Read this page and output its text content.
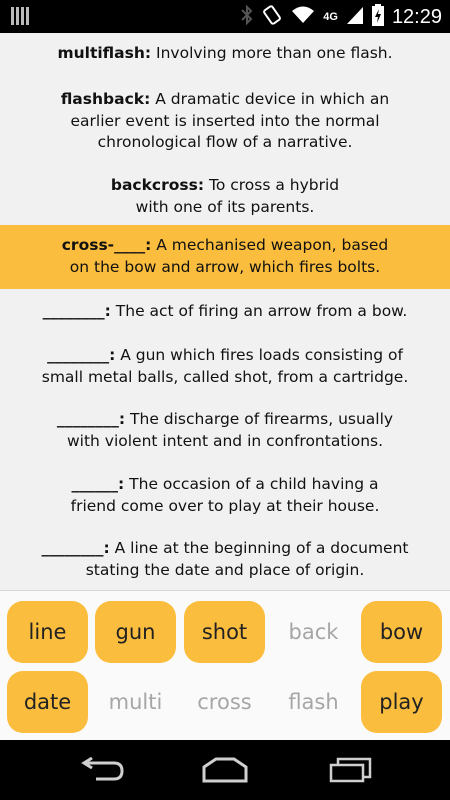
4G	12:29
multiflash: Involving more than one flash.
flashback: A dramatic device in which an earlier event is inserted into the normal chronological flow of a narrative.
backcross: To cross a hybrid with one of its parents.
cross-____: A mechanised weapon, based on the bow and arrow, which fires bolts.
________: The act of firing an arrow from a bow.
________: A gun which fires loads consisting of small metal balls, called shot, from a cartridge.
________: The discharge of firearms, usually with violent intent and in confrontations.
______: The occasion of a child having a friend come over to play at their house.
________: A line at the beginning of a document stating the date and place of origin.
line	gun	shot	back	bow
date	multi	cross	flash	play
